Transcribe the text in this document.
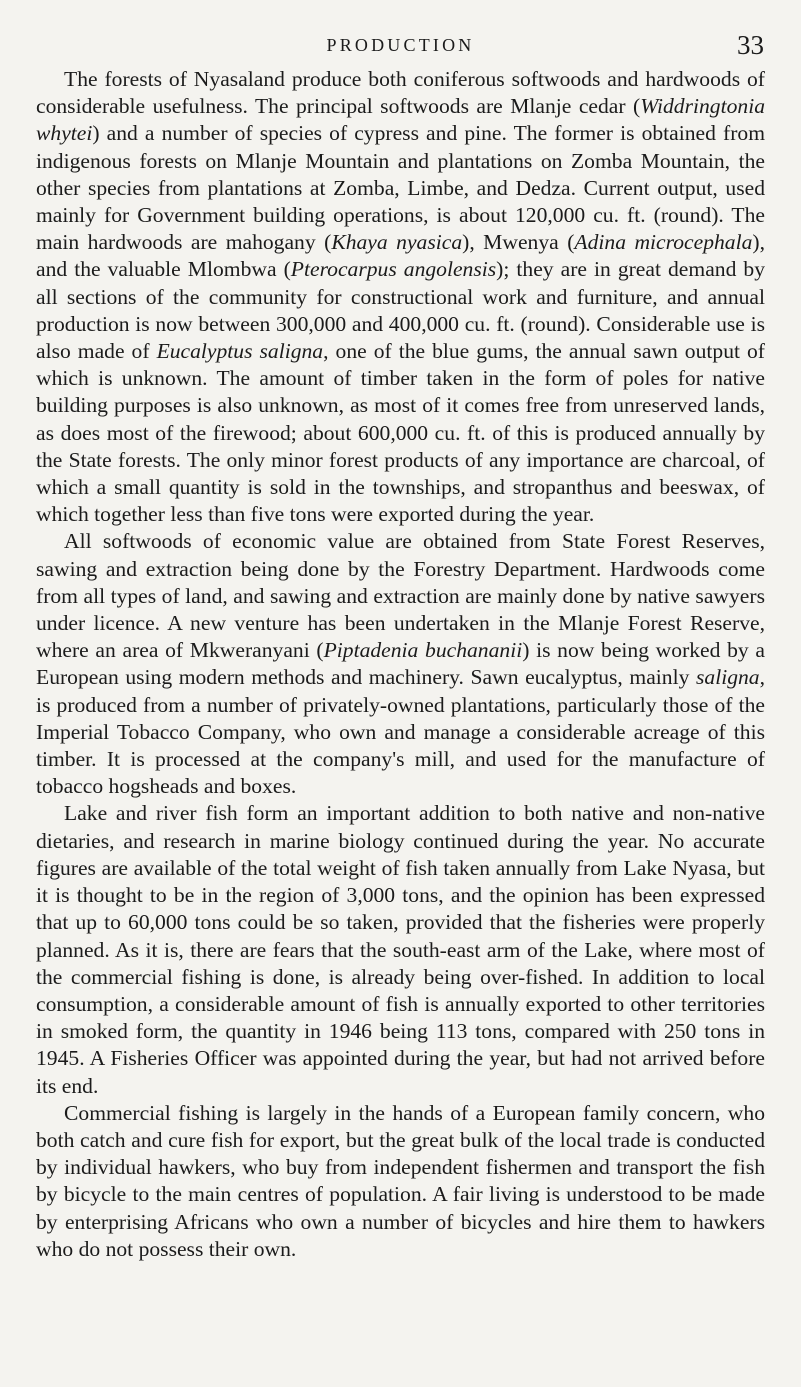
PRODUCTION	33

The forests of Nyasaland produce both coniferous softwoods and hardwoods of considerable usefulness. The principal softwoods are Mlanje cedar (Widdringtonia whytei) and a number of species of cypress and pine. The former is obtained from indigenous forests on Mlanje Mountain and plantations on Zomba Mountain, the other species from plantations at Zomba, Limbe, and Dedza. Current output, used mainly for Government building operations, is about 120,000 cu. ft. (round). The main hardwoods are mahogany (Khaya nyasica), Mwenya (Adina microcephala), and the valuable Mlombwa (Pterocarpus angolensis); they are in great demand by all sections of the community for constructional work and furniture, and annual production is now between 300,000 and 400,000 cu. ft. (round). Considerable use is also made of Eucalyptus saligna, one of the blue gums, the annual sawn output of which is unknown. The amount of timber taken in the form of poles for native building purposes is also unknown, as most of it comes free from unreserved lands, as does most of the firewood; about 600,000 cu. ft. of this is produced annually by the State forests. The only minor forest products of any importance are charcoal, of which a small quantity is sold in the townships, and stropanthus and beeswax, of which together less than five tons were exported during the year.

All softwoods of economic value are obtained from State Forest Reserves, sawing and extraction being done by the Forestry Department. Hardwoods come from all types of land, and sawing and extraction are mainly done by native sawyers under licence. A new venture has been undertaken in the Mlanje Forest Reserve, where an area of Mkweranyani (Piptadenia buchananii) is now being worked by a European using modern methods and machinery. Sawn eucalyptus, mainly saligna, is produced from a number of privately-owned plantations, particularly those of the Imperial Tobacco Company, who own and manage a considerable acreage of this timber. It is processed at the company's mill, and used for the manufacture of tobacco hogsheads and boxes.

Lake and river fish form an important addition to both native and non-native dietaries, and research in marine biology continued during the year. No accurate figures are available of the total weight of fish taken annually from Lake Nyasa, but it is thought to be in the region of 3,000 tons, and the opinion has been expressed that up to 60,000 tons could be so taken, provided that the fisheries were properly planned. As it is, there are fears that the south-east arm of the Lake, where most of the commercial fishing is done, is already being over-fished. In addition to local consumption, a considerable amount of fish is annually exported to other territories in smoked form, the quantity in 1946 being 113 tons, compared with 250 tons in 1945. A Fisheries Officer was appointed during the year, but had not arrived before its end.

Commercial fishing is largely in the hands of a European family concern, who both catch and cure fish for export, but the great bulk of the local trade is conducted by individual hawkers, who buy from independent fishermen and transport the fish by bicycle to the main centres of population. A fair living is understood to be made by enterprising Africans who own a number of bicycles and hire them to hawkers who do not possess their own.
